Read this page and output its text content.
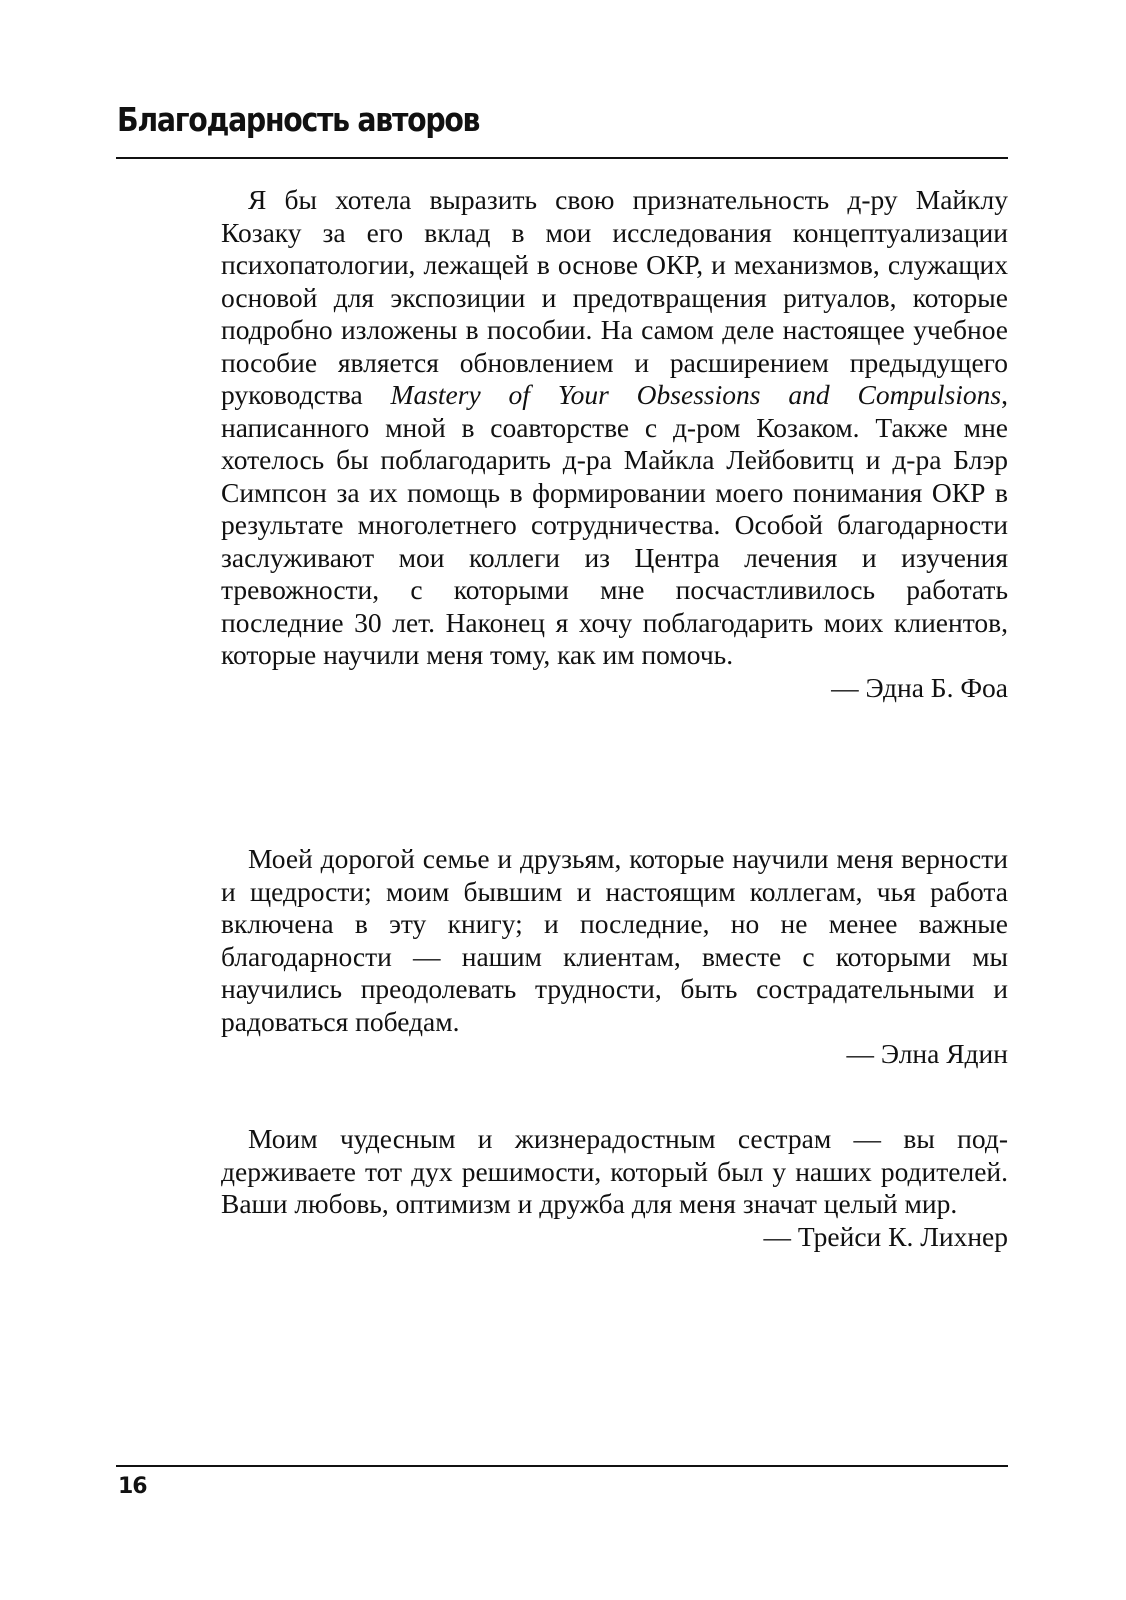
Благодарность авторов

Я бы хотела выразить свою признательность д-ру Майклу Козаку за его вклад в мои исследования концептуализации психопатологии, лежащей в основе ОКР, и механизмов, служащих основой для экспозиции и предотвращения ритуалов, которые подробно изложены в пособии. На самом деле настоящее учебное пособие является обновлением и расширением предыдущего руководства Mastery of Your Obsessions and Compulsions, написанного мной в соавторстве с д-ром Козаком. Также мне хотелось бы поблагодарить д-ра Майкла Лейбовитц и д-ра Блэр Симпсон за их помощь в формировании моего понимания ОКР в результате многолетнего сотрудничества. Особой благодарности заслуживают мои коллеги из Центра лечения и изучения тревожности, с которыми мне посчастливилось работать последние 30 лет. Наконец я хочу поблагодарить моих клиентов, которые научили меня тому, как им помочь.

— Эдна Б. Фоа

Моей дорогой семье и друзьям, которые научили меня верности и щедрости; моим бывшим и настоящим коллегам, чья работа включена в эту книгу; и последние, но не менее важные благодарности — нашим клиентам, вместе с которыми мы научились преодолевать трудности, быть сострадательными и радоваться победам.

— Элна Ядин

Моим чудесным и жизнерадостным сестрам — вы поддерживаете тот дух решимости, который был у наших родителей. Ваши любовь, оптимизм и дружба для меня значат целый мир.

— Трейси К. Лихнер
16
